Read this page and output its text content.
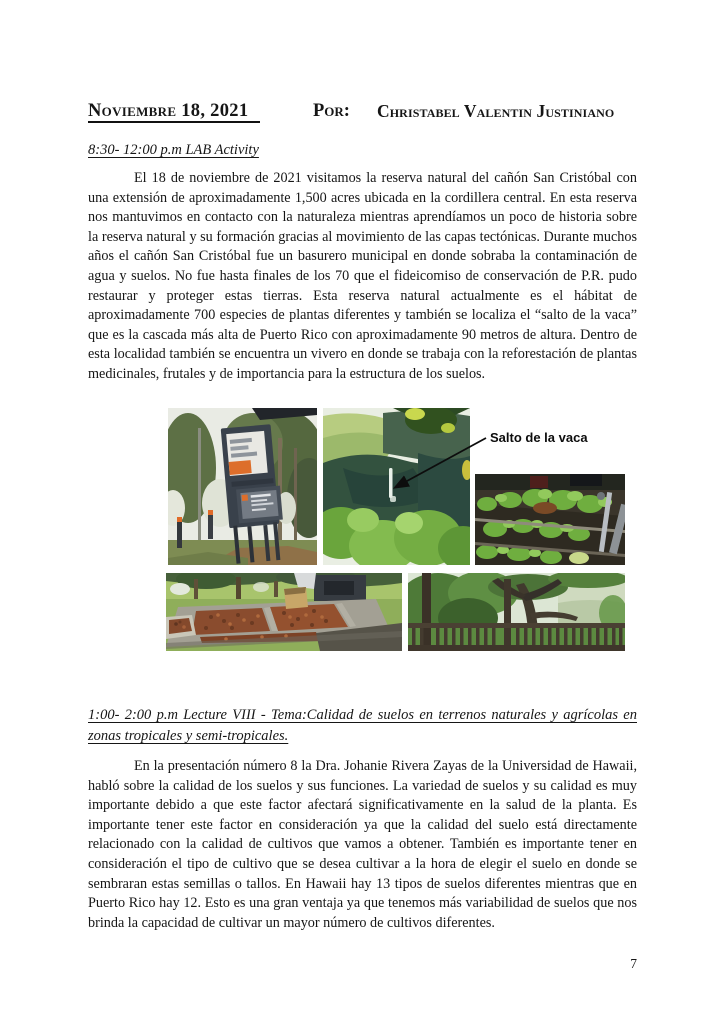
Noviembre 18, 2021	Por: Christabel Valentin Justiniano
8:30- 12:00 p.m LAB Activity
El 18 de noviembre de 2021 visitamos la reserva natural del cañón San Cristóbal con una extensión de aproximadamente 1,500 acres ubicada en la cordillera central. En esta reserva nos mantuvimos en contacto con la naturaleza mientras aprendíamos un poco de historia sobre la reserva natural y su formación gracias al movimiento de las capas tectónicas. Durante muchos años el cañón San Cristóbal fue un basurero municipal en donde sobraba la contaminación de agua y suelos. No fue hasta finales de los 70 que el fideicomiso de conservación de P.R. pudo restaurar y proteger estas tierras. Esta reserva natural actualmente es el hábitat de aproximadamente 700 especies de plantas diferentes y también se localiza el “salto de la vaca” que es la cascada más alta de Puerto Rico con aproximadamente 90 metros de altura. Dentro de esta localidad también se encuentra un vivero en donde se trabaja con la reforestación de plantas medicinales, frutales y de importancia para la estructura de los suelos.
Salto de la vaca
1:00- 2:00 p.m Lecture VIII - Tema:Calidad de suelos en terrenos naturales y agrícolas en zonas tropicales y semi-tropicales.
En la presentación número 8 la Dra. Johanie Rivera Zayas de la Universidad de Hawaii, habló sobre la calidad de los suelos y sus funciones. La variedad de suelos y su calidad es muy importante debido a que este factor afectará significativamente en la salud de la planta. Es importante tener este factor en consideración ya que la calidad del suelo está directamente relacionado con la calidad de cultivos que vamos a obtener. También es importante tener en consideración el tipo de cultivo que se desea cultivar a la hora de elegir el suelo en donde se sembraran estas semillas o tallos. En Hawaii hay 13 tipos de suelos diferentes mientras que en Puerto Rico hay 12. Esto es una gran ventaja ya que tenemos más variabilidad de suelos que nos brinda la capacidad de cultivar un mayor número de cultivos diferentes.
7
